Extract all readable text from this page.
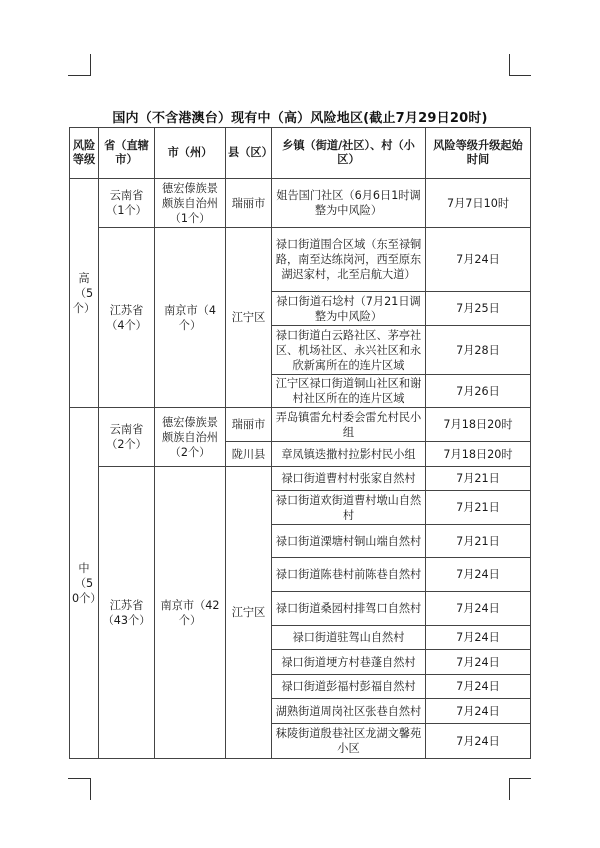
国内（不含港澳台）现有中（高）风险地区(截止7月29日20时)
风险等级	省（直辖市）	市（州）	县（区）	乡镇（街道/社区）、村（小区）	风险等级升级起始时间
高（5个）	云南省（1个）	德宏傣族景颇族自治州（1个）	瑞丽市	姐告国门社区（6月6日1时调整为中风险）	7月7日10时
	江苏省（4个）	南京市（4个）	江宁区	禄口街道围合区域（东至禄铜路，南至达练岗河，西至原东湖迟家村，北至启航大道）	7月24日
				禄口街道石埝村（7月21日调整为中风险）	7月25日
				禄口街道白云路社区、茅亭社区、机场社区、永兴社区和永欣新寓所在的连片区域	7月28日
				江宁区禄口街道铜山社区和谢村社区所在的连片区域	7月26日
中（50个）	云南省（2个）	德宏傣族景颇族自治州（2个）	瑞丽市	弄岛镇雷允村委会雷允村民小组	7月18日20时
			陇川县	章凤镇迭撒村拉影村民小组	7月18日20时
	江苏省（43个）	南京市（42个）	江宁区	禄口街道曹村村张家自然村	7月21日
				禄口街道欢街道曹村墩山自然村	7月21日
				禄口街道溧塘村铜山端自然村	7月21日
				禄口街道陈巷村前陈巷自然村	7月24日
				禄口街道桑园村排驾口自然村	7月24日
				禄口街道驻驾山自然村	7月24日
				禄口街道埂方村巷蓬自然村	7月24日
				禄口街道彭福村彭福自然村	7月24日
				湖熟街道周岗社区张巷自然村	7月24日
				秣陵街道殷巷社区龙湖文馨苑小区	7月24日
